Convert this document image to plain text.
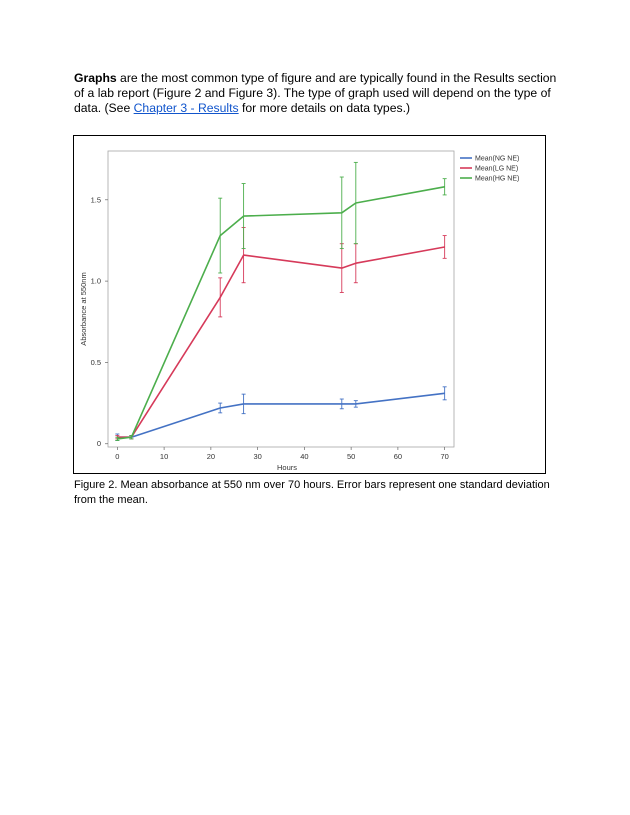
Graphs are the most common type of figure and are typically found in the Results section of a lab report (Figure 2 and Figure 3). The type of graph used will depend on the type of data. (See Chapter 3 - Results for more details on data types.)
0	10	20	30	40	50	60	70
0
0.5
1.0
1.5
Hours
Absorbance at 550nm
Mean(NG NE)
Mean(LG NE)
Mean(HG NE)
Figure 2. Mean absorbance at 550 nm over 70 hours. Error bars represent one standard deviation from the mean.
